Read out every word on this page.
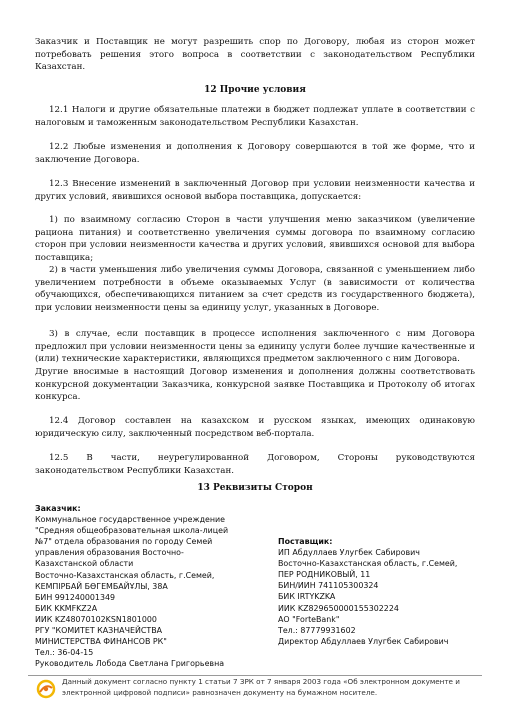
Заказчик и Поставщик не могут разрешить спор по Договору, любая из сторон может потребовать решения этого вопроса в соответствии с законодательством Республики Казахстан.

12 Прочие условия

12.1 Налоги и другие обязательные платежи в бюджет подлежат уплате в соответствии с налоговым и таможенным законодательством Республики Казахстан.

12.2 Любые изменения и дополнения к Договору совершаются в той же форме, что и заключение Договора.

12.3 Внесение изменений в заключенный Договор при условии неизменности качества и других условий, явившихся основой выбора поставщика, допускается:

1) по взаимному согласию Сторон в части улучшения меню заказчиком (увеличение рациона питания) и соответственно увеличения суммы договора по взаимному согласию сторон при условии неизменности качества и других условий, явившихся основой для выбора поставщика;

2) в части уменьшения либо увеличения суммы Договора, связанной с уменьшением либо увеличением потребности в объеме оказываемых Услуг (в зависимости от количества обучающихся, обеспечивающихся питанием за счет средств из государственного бюджета), при условии неизменности цены за единицу услуг, указанных в Договоре.

3) в случае, если поставщик в процессе исполнения заключенного с ним Договора предложил при условии неизменности цены за единицу услуги более лучшие качественные и (или) технические характеристики, являющихся предметом заключенного с ним Договора.

Другие вносимые в настоящий Договор изменения и дополнения должны соответствовать конкурсной документации Заказчика, конкурсной заявке Поставщика и Протоколу об итогах конкурса.

12.4 Договор составлен на казахском и русском языках, имеющих одинаковую юридическую силу, заключенный посредством веб-портала.

12.5 В части, неурегулированной Договором, Стороны руководствуются законодательством Республики Казахстан.

13 Реквизиты Сторон

Заказчик:
Коммунальное государственное учреждение
"Средняя общеобразовательная школа-лицей
№7" отдела образования по городу Семей
управления образования Восточно-
Казахстанской области
Восточно-Казахстанская область, г.Семей,
КЕМПІРБАЙ БӨГЕМБАЙҰЛЫ, 38А
БИН 991240001349
БИК KKMFKZ2A
ИИК KZ48070102KSN1801000
РГУ "КОМИТЕТ КАЗНАЧЕЙСТВА
МИНИСТЕРСТВА ФИНАНСОВ РК"
Тел.: 36-04-15
Руководитель Лобода Светлана Григорьевна
Поставщик:
ИП Абдуллаев Улугбек Сабирович
Восточно-Казахстанская область, г.Семей,
ПЕР РОДНИКОВЫЙ, 11
БИН/ИИН 741105300324
БИК IRTYKZKA
ИИК KZ829650000155302224
АО "ForteBank"
Тел.: 87779931602
Директор Абдуллаев Улугбек Сабирович

Данный документ согласно пункту 1 статьи 7 ЗРК от 7 января 2003 года «Об электронном документе и электронной цифровой подписи» равнозначен документу на бумажном носителе.
